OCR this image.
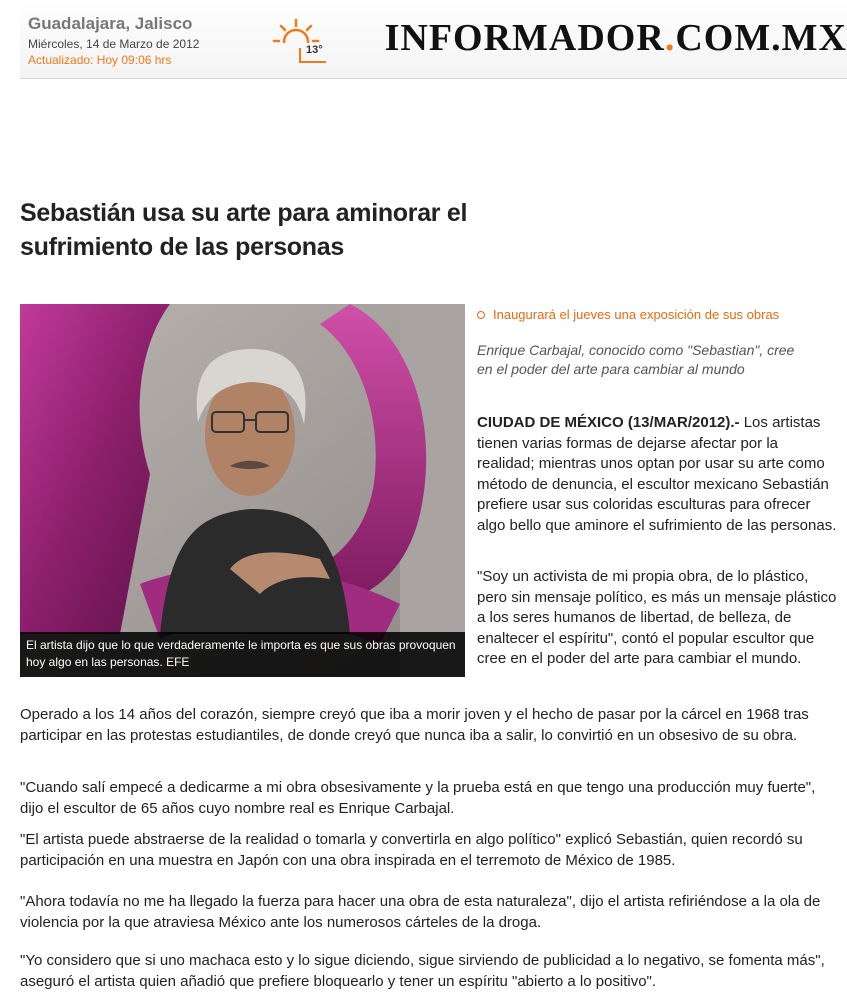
Guadalajara, Jalisco
Miércoles, 14 de Marzo de 2012
Actualizado: Hoy 09:06 hrs
13° INFORMADOR.COM.MX
Sebastián usa su arte para aminorar el sufrimiento de las personas
El artista dijo que lo que verdaderamente le importa es que sus obras provoquen hoy algo en las personas. EFE
Inaugurará el jueves una exposición de sus obras
Enrique Carbajal, conocido como "Sebastian", cree en el poder del arte para cambiar al mundo
CIUDAD DE MÉXICO (13/MAR/2012).- Los artistas tienen varias formas de dejarse afectar por la realidad; mientras unos optan por usar su arte como método de denuncia, el escultor mexicano Sebastián prefiere usar sus coloridas esculturas para ofrecer algo bello que aminore el sufrimiento de las personas.
"Soy un activista de mi propia obra, de lo plástico, pero sin mensaje político, es más un mensaje plástico a los seres humanos de libertad, de belleza, de enaltecer el espíritu", contó el popular escultor que cree en el poder del arte para cambiar el mundo.
Operado a los 14 años del corazón, siempre creyó que iba a morir joven y el hecho de pasar por la cárcel en 1968 tras participar en las protestas estudiantiles, de donde creyó que nunca iba a salir, lo convirtió en un obsesivo de su obra.
"Cuando salí empecé a dedicarme a mi obra obsesivamente y la prueba está en que tengo una producción muy fuerte", dijo el escultor de 65 años cuyo nombre real es Enrique Carbajal.
"El artista puede abstraerse de la realidad o tomarla y convertirla en algo político" explicó Sebastián, quien recordó su participación en una muestra en Japón con una obra inspirada en el terremoto de México de 1985.
"Ahora todavía no me ha llegado la fuerza para hacer una obra de esta naturaleza", dijo el artista refiriéndose a la ola de violencia por la que atraviesa México ante los numerosos cárteles de la droga.
"Yo considero que si uno machaca esto y lo sigue diciendo, sigue sirviendo de publicidad a lo negativo, se fomenta más", aseguró el artista quien añadió que prefiere bloquearlo y tener un espíritu "abierto a lo positivo".
